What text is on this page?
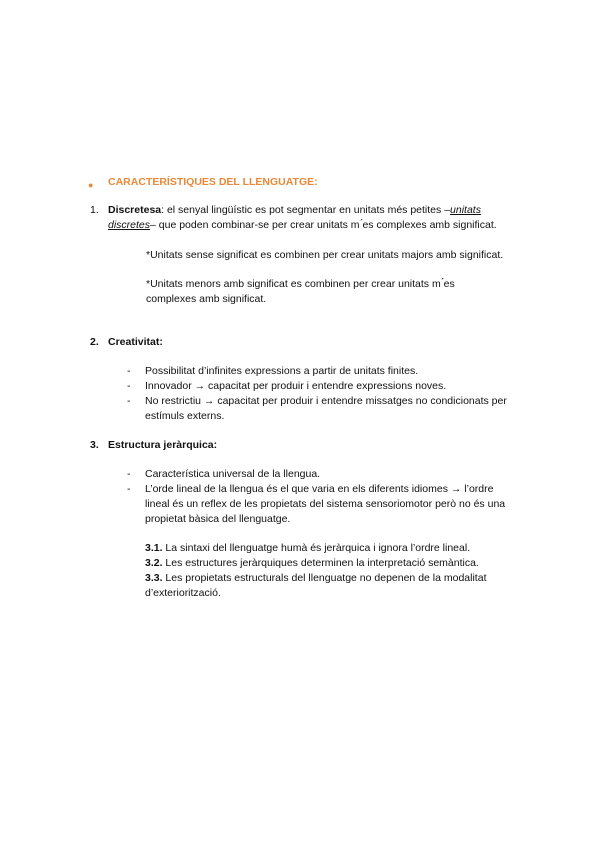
● CARACTERÍSTIQUES DEL LLENGUATGE:
1. Discretesa: el senyal lingüístic es pot segmentar en unitats més petites –unitats
discretes– que poden combinar-se per crear unitats m ́es complexes amb significat.
*Unitats sense significat es combinen per crear unitats majors amb significat.
*Unitats menors amb significat es combinen per crear unitats m ́es
complexes amb significat.
2. Creativitat:
- Possibilitat d’infinites expressions a partir de unitats finites.
- Innovador → capacitat per produir i entendre expressions noves.
- No restrictiu → capacitat per produir i entendre missatges no condicionats per
estímuls externs.
3. Estructura jeràrquica:
- Característica universal de la llengua.
- L’orde lineal de la llengua és el que varia en els diferents idiomes → l’ordre
lineal és un reflex de les propietats del sistema sensoriomotor però no és una
propietat bàsica del llenguatge.
3.1. La sintaxi del llenguatge humà és jeràrquica i ignora l’ordre lineal.
3.2. Les estructures jeràrquiques determinen la interpretació semàntica.
3.3. Les propietats estructurals del llenguatge no depenen de la modalitat
d’exteriorització.
